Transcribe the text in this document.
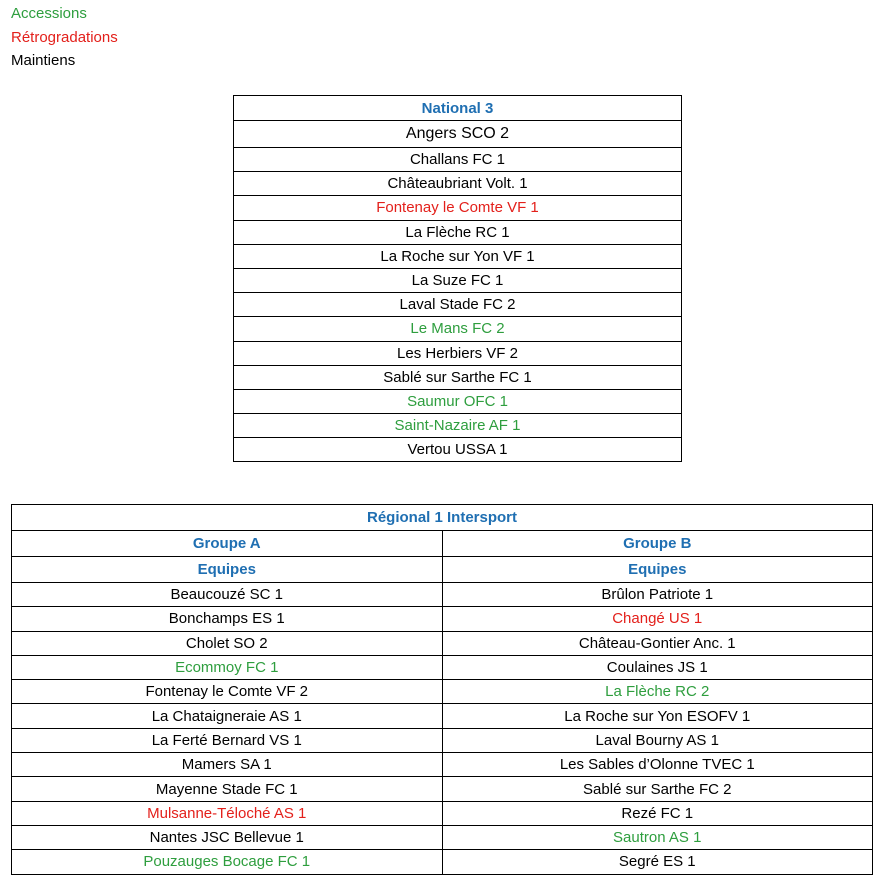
Accessions
Rétrogradations
Maintiens
National 3
Angers SCO 2
Challans FC 1
Châteaubriant Volt. 1
Fontenay le Comte VF 1
La Flèche RC 1
La Roche sur Yon VF 1
La Suze FC 1
Laval Stade FC 2
Le Mans FC 2
Les Herbiers VF 2
Sablé sur Sarthe FC 1
Saumur OFC 1
Saint-Nazaire AF 1
Vertou USSA 1
Régional 1 Intersport	
Groupe A	Groupe B
Equipes	Equipes
Beaucouzé SC 1	Brûlon Patriote 1
Bonchamps ES 1	Changé US 1
Cholet SO 2	Château-Gontier Anc. 1
Ecommoy FC 1	Coulaines JS 1
Fontenay le Comte VF 2	La Flèche RC 2
La Chataigneraie AS 1	La Roche sur Yon ESOFV 1
La Ferté Bernard VS 1	Laval Bourny AS 1
Mamers SA 1	Les Sables d’Olonne TVEC 1
Mayenne Stade FC 1	Sablé sur Sarthe FC 2
Mulsanne-Téloché AS 1	Rezé FC 1
Nantes JSC Bellevue 1	Sautron AS 1
Pouzauges Bocage FC 1	Segré ES 1
